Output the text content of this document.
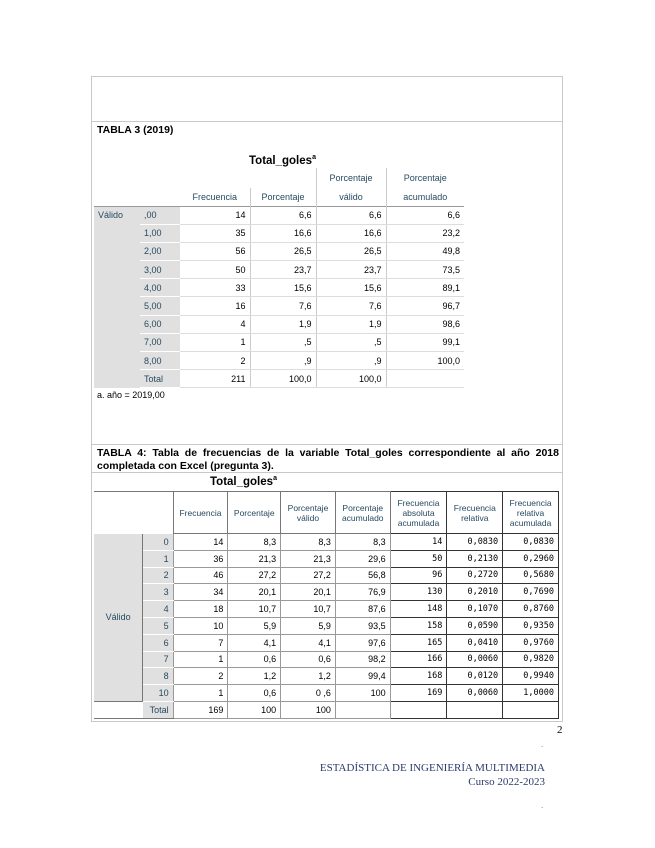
TABLA 3 (2019)
Total_goles$^a$
				Porcentaje	Porcentaje
		Frecuencia	Porcentaje	válido	acumulado
Válido	,00	14	6,6	6,6	6,6
	1,00	35	16,6	16,6	23,2
	2,00	56	26,5	26,5	49,8
	3,00	50	23,7	23,7	73,5
	4,00	33	15,6	15,6	89,1
	5,00	16	7,6	7,6	96,7
	6,00	4	1,9	1,9	98,6
	7,00	1	,5	,5	99,1
	8,00	2	,9	,9	100,0
	Total	211	100,0	100,0	
a. año = 2019,00
TABLA 4: Tabla de frecuencias de la variable Total_goles correspondiente al año 2018
completada con Excel (pregunta 3).
Total_goles$^a$
		Frecuencia	Porcentaje	Porcentaje válido	Porcentaje acumulado	Frecuencia absoluta acumulada	Frecuencia relativa	Frecuencia relativa acumulada
Válido	0	14	8,3	8,3	8,3	14	0,0830	0,0830
	1	36	21,3	21,3	29,6	50	0,2130	0,2960
	2	46	27,2	27,2	56,8	96	0,2720	0,5680
	3	34	20,1	20,1	76,9	130	0,2010	0,7690
	4	18	10,7	10,7	87,6	148	0,1070	0,8760
	5	10	5,9	5,9	93,5	158	0,0590	0,9350
	6	7	4,1	4,1	97,6	165	0,0410	0,9760
	7	1	0,6	0,6	98,2	166	0,0060	0,9820
	8	2	1,2	1,2	99,4	168	0,0120	0,9940
	10	1	0,6	0 ,6	100	169	0,0060	1,0000
	Total	169	100	100				
2
.
ESTADÍSTICA DE INGENIERÍA MULTIMEDIA
Curso 2022-2023
.
